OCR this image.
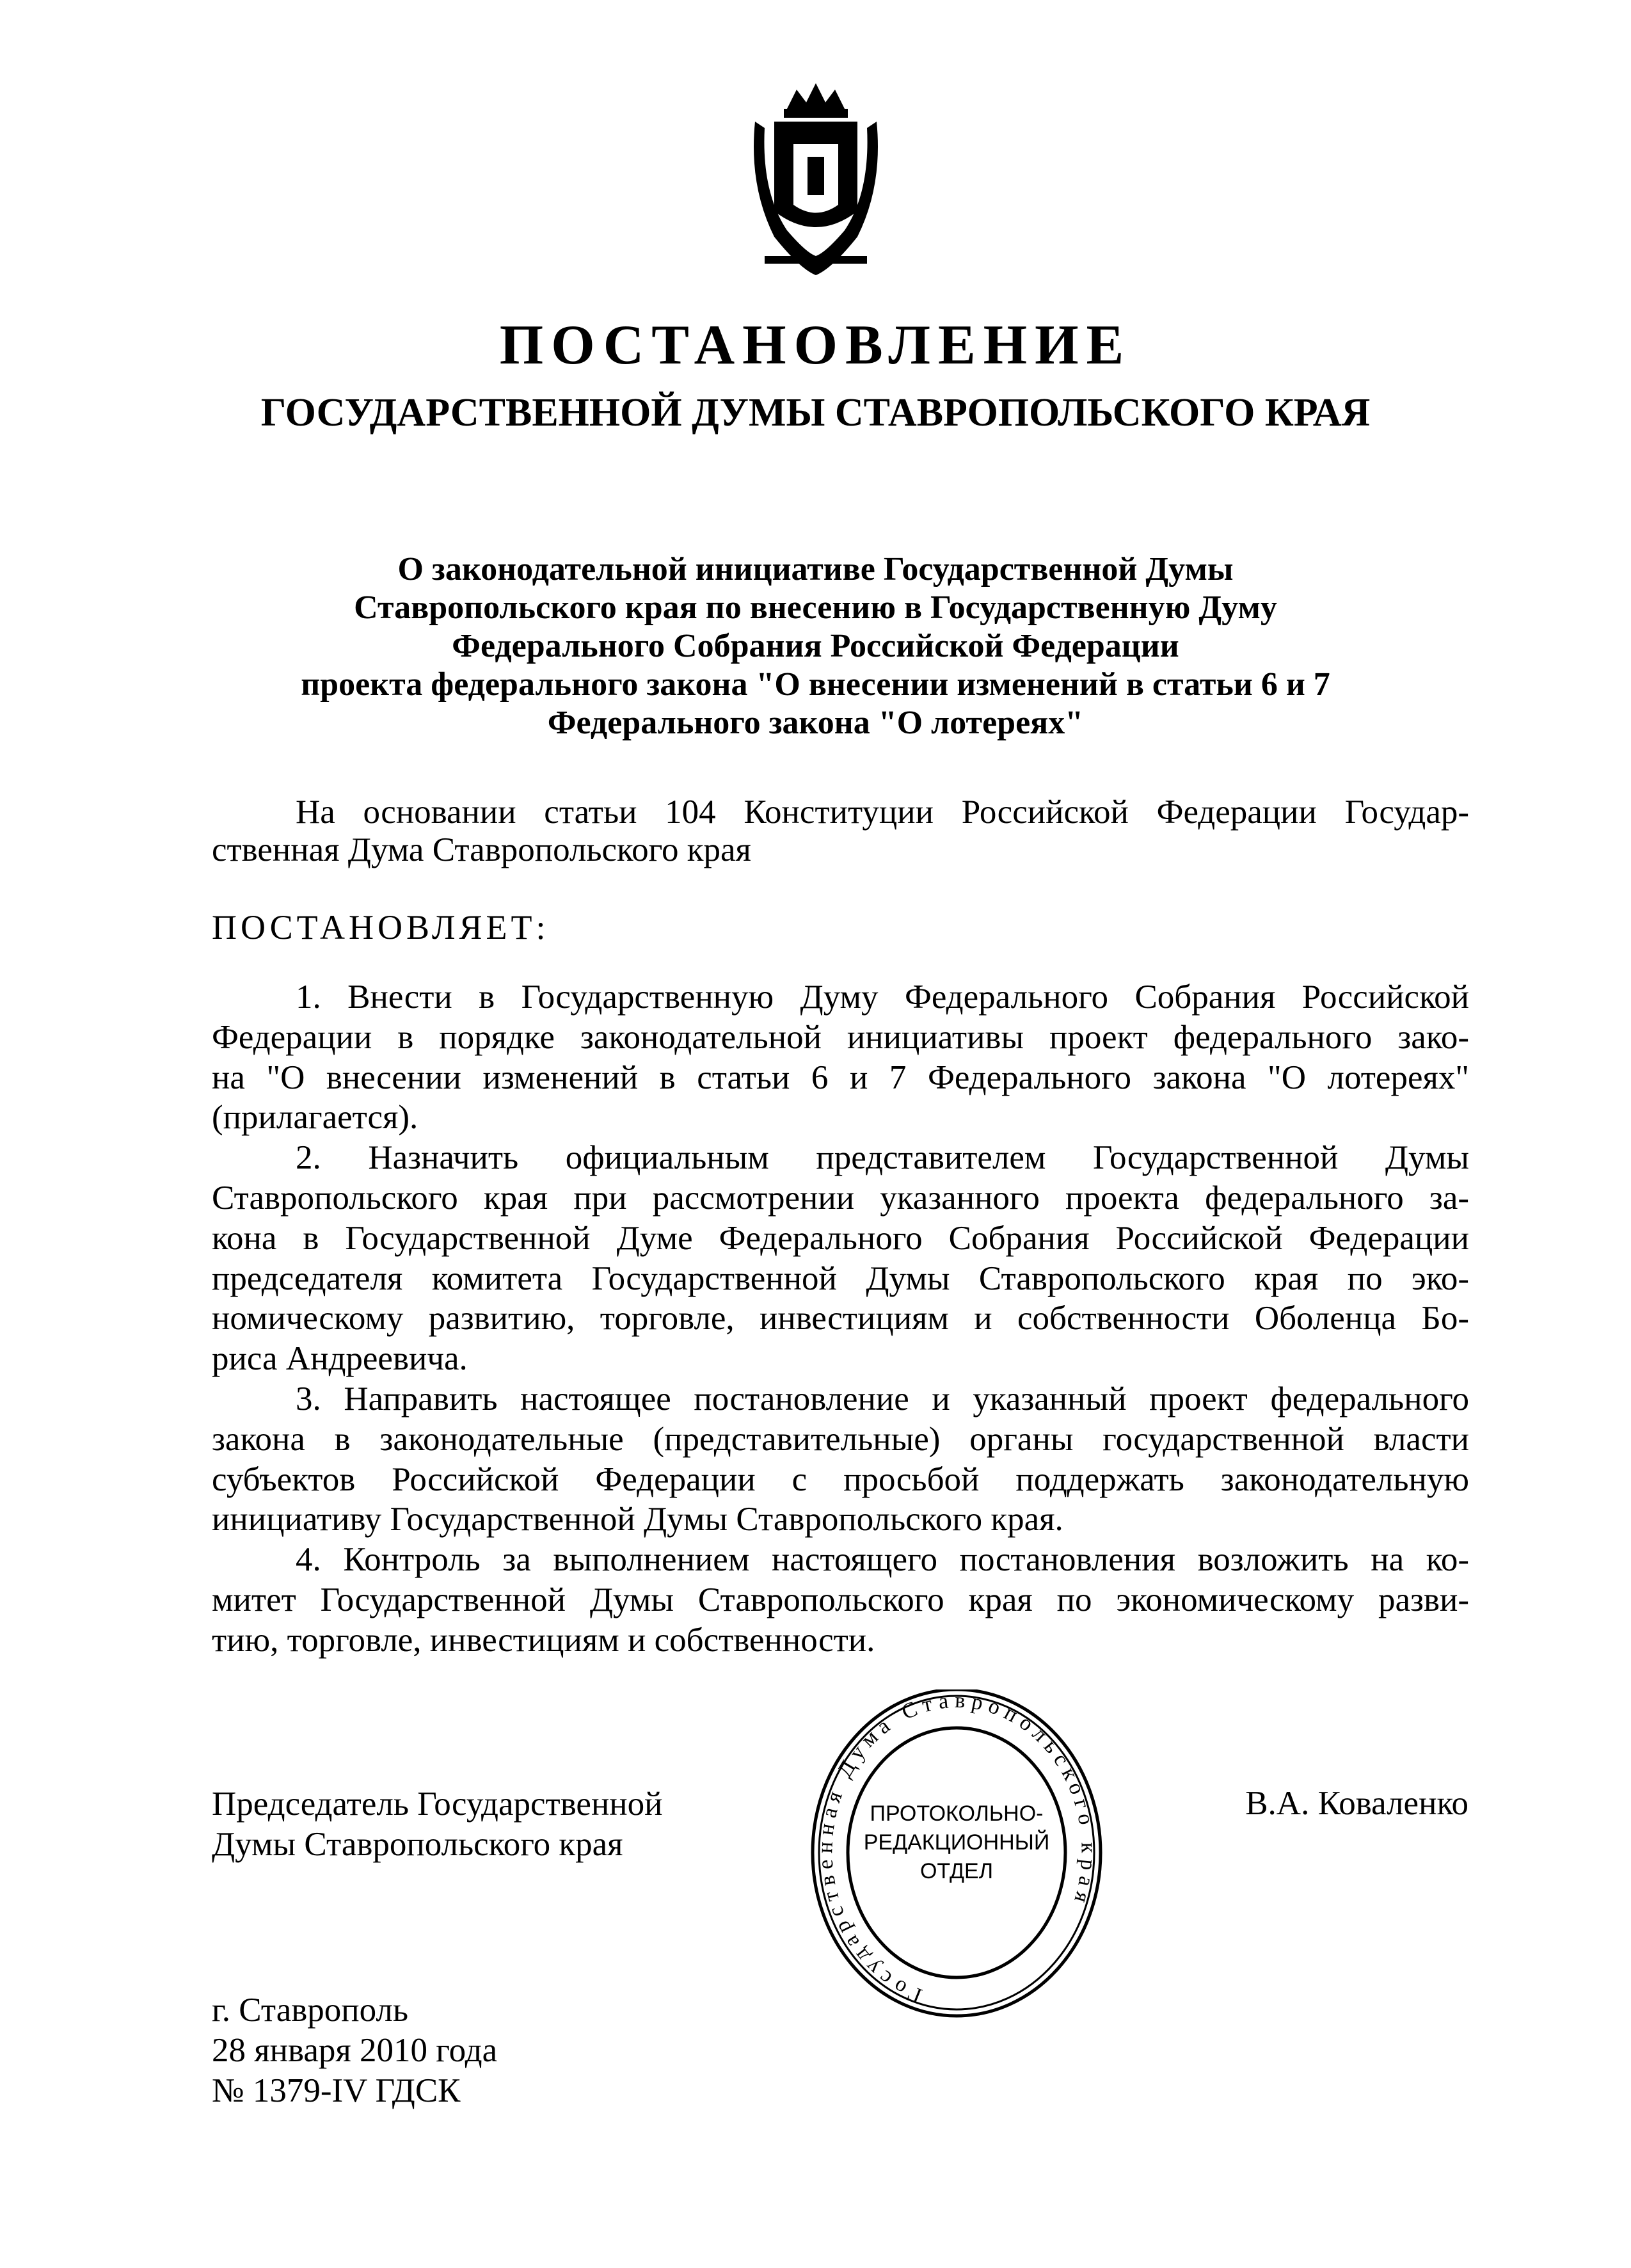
ПОСТАНОВЛЕНИЕ
ГОСУДАРСТВЕННОЙ ДУМЫ СТАВРОПОЛЬСКОГО КРАЯ
О законодательной инициативе Государственной Думы
Ставропольского края по внесению в Государственную Думу
Федерального Собрания Российской Федерации
проекта федерального закона "О внесении изменений в статьи 6 и 7
Федерального закона "О лотереях"
На основании статьи 104 Конституции Российской Федерации Государ-
ственная Дума Ставропольского края
ПОСТАНОВЛЯЕТ:
1. Внести в Государственную Думу Федерального Собрания Российской
Федерации в порядке законодательной инициативы проект федерального зако-
на "О внесении изменений в статьи 6 и 7 Федерального закона "О лотереях"
(прилагается).
2. Назначить официальным представителем Государственной Думы
Ставропольского края при рассмотрении указанного проекта федерального за-
кона в Государственной Думе Федерального Собрания Российской Федерации
председателя комитета Государственной Думы Ставропольского края по эко-
номическому развитию, торговле, инвестициям и собственности Оболенца Бо-
риса Андреевича.
3. Направить настоящее постановление и указанный проект федерального
закона в законодательные (представительные) органы государственной власти
субъектов Российской Федерации с просьбой поддержать законодательную
инициативу Государственной Думы Ставропольского края.
4. Контроль за выполнением настоящего постановления возложить на ко-
митет Государственной Думы Ставропольского края по экономическому разви-
тию, торговле, инвестициям и собственности.
Председатель Государственной
Думы Ставропольского края
В.А. Коваленко
Государственная Дума Ставропольского края
ПРОТОКОЛЬНО-
РЕДАКЦИОННЫЙ
ОТДЕЛ
г. Ставрополь
28 января 2010 года
№ 1379-IV ГДСК
